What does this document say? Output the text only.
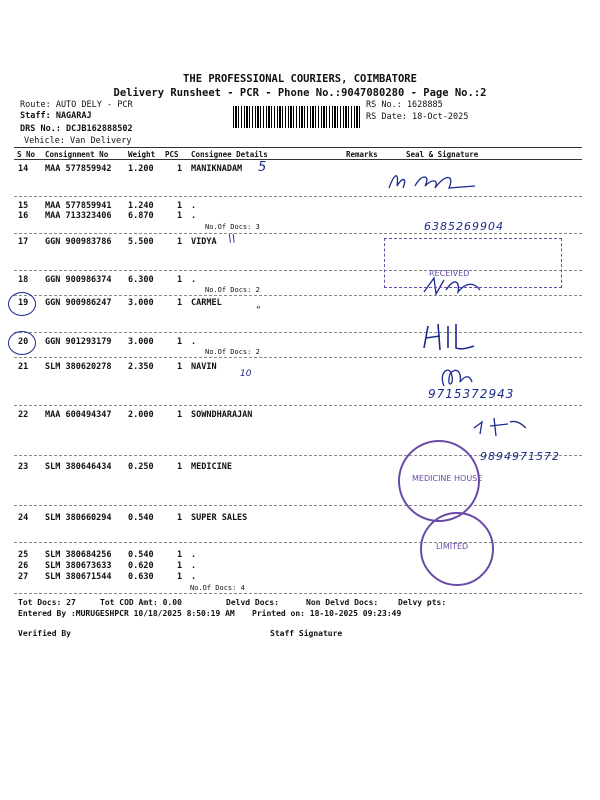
THE PROFESSIONAL COURIERS, COIMBATORE
Delivery Runsheet - PCR - Phone No.:9047080280 - Page No.:2
Route: AUTO DELY - PCR
Staff: NAGARAJ
DRS No.: DCJB162888502
Vehicle: Van Delivery
RS No.: 1628885
RS Date: 18-Oct-2025
S No Consignment No	Weight PCS Consignee Details	Remarks	Seal & Signature
14 MAA 577859942 1.200	1 MANIKNADAM
15 MAA 577859941 1.240	1 .
16 MAA 713323406 6.870	1 .
No.Of Docs: 3
17 GGN 900983786 5.500	1 VIDYA
18 GGN 900986374 6.300	1 .
No.Of Docs: 2
19 GGN 900986247 3.000	1 CARMEL
20 GGN 901293179 3.000	1 .
No.Of Docs: 2
21 SLM 380620278 2.350	1 NAVIN
22 MAA 600494347 2.000	1 SOWNDHARAJAN
23 SLM 380646434 0.250	1 MEDICINE
24 SLM 380660294 0.540	1 SUPER SALES
25 SLM 380684256 0.540	1 .
26 SLM 380673633 0.620	1 .
27 SLM 380671544 0.630	1 .
No.Of Docs: 4
Tot Docs: 27	Tot COD Amt: 0.00	Delvd Docs:	Non Delvd Docs: Delvy pts:
Entered By :MURUGESHPCR 10/18/2025 8:50:19 AM Printed on: 18-10-2025 09:23:49
Verified By	Staff Signature
5
\\
"
10
6385269904
9715372943
9894971572
RECEIVED
MEDICINE HOUSE
LIMITED
